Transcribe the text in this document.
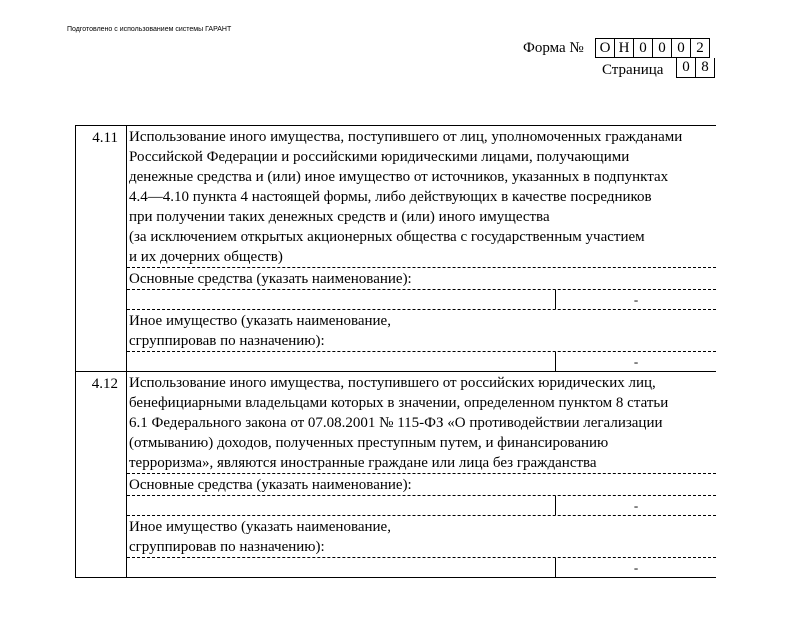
Подготовлено с использованием системы ГАРАНТ
Форма № О Н 0 0 0 2
Страница	0 8
4.11 Использование иного имущества, поступившего от лиц, уполномоченных гражданами
Российской Федерации и российскими юридическими лицами, получающими
денежные средства и (или) иное имущество от источников, указанных в подпунктах
4.4—4.10 пункта 4 настоящей формы, либо действующих в качестве посредников
при получении таких денежных средств и (или) иного имущества
(за исключением открытых акционерных общества с государственным участием
и их дочерних обществ)
Основные средства (указать наименование):
-
Иное имущество (указать наименование,
сгруппировав по назначению):
-
4.12 Использование иного имущества, поступившего от российских юридических лиц,
бенефициарными владельцами которых в значении, определенном пунктом 8 статьи
6.1 Федерального закона от 07.08.2001 № 115-ФЗ «О противодействии легализации
(отмыванию) доходов, полученных преступным путем, и финансированию
терроризма», являются иностранные граждане или лица без гражданства
Основные средства (указать наименование):
-
Иное имущество (указать наименование,
сгруппировав по назначению):
-
